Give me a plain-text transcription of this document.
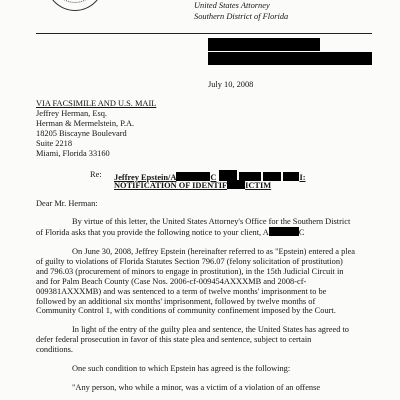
United States Attorney
Southern District of Florida
July 10, 2008
VIA FACSIMILE AND U.S. MAIL
Jeffrey Herman, Esq.
Herman & Mermelstein, P.A.
18205 Biscayne Boulevard
Suite 2218
Miami, Florida 33160
Re: Jeffrey Epstein/A	C	I:
NOTIFICATION OF IDENTIF ICTIM
Dear Mr. Herman:
By virtue of this letter, the United States Attorney's Office for the Southern District
of Florida asks that you provide the following notice to your client, A	C
On June 30, 2008, Jeffrey Epstein (hereinafter referred to as "Epstein) entered a plea
of guilty to violations of Florida Statutes Section 796.07 (felony solicitation of prostitution)
and 796.03 (procurement of minors to engage in prostitution), in the 15th Judicial Circuit in
and for Palm Beach County (Case Nos. 2006-cf-009454AXXXMB and 2008-cf-
009381AXXXMB) and was sentenced to a term of twelve months' imprisonment to be
followed by an additional six months' imprisonment, followed by twelve months of
Community Control 1, with conditions of community confinement imposed by the Court.
In light of the entry of the guilty plea and sentence, the United States has agreed to
defer federal prosecution in favor of this state plea and sentence, subject to certain
conditions.
One such condition to which Epstein has agreed is the following:
"Any person, who while a minor, was a victim of a violation of an offense
